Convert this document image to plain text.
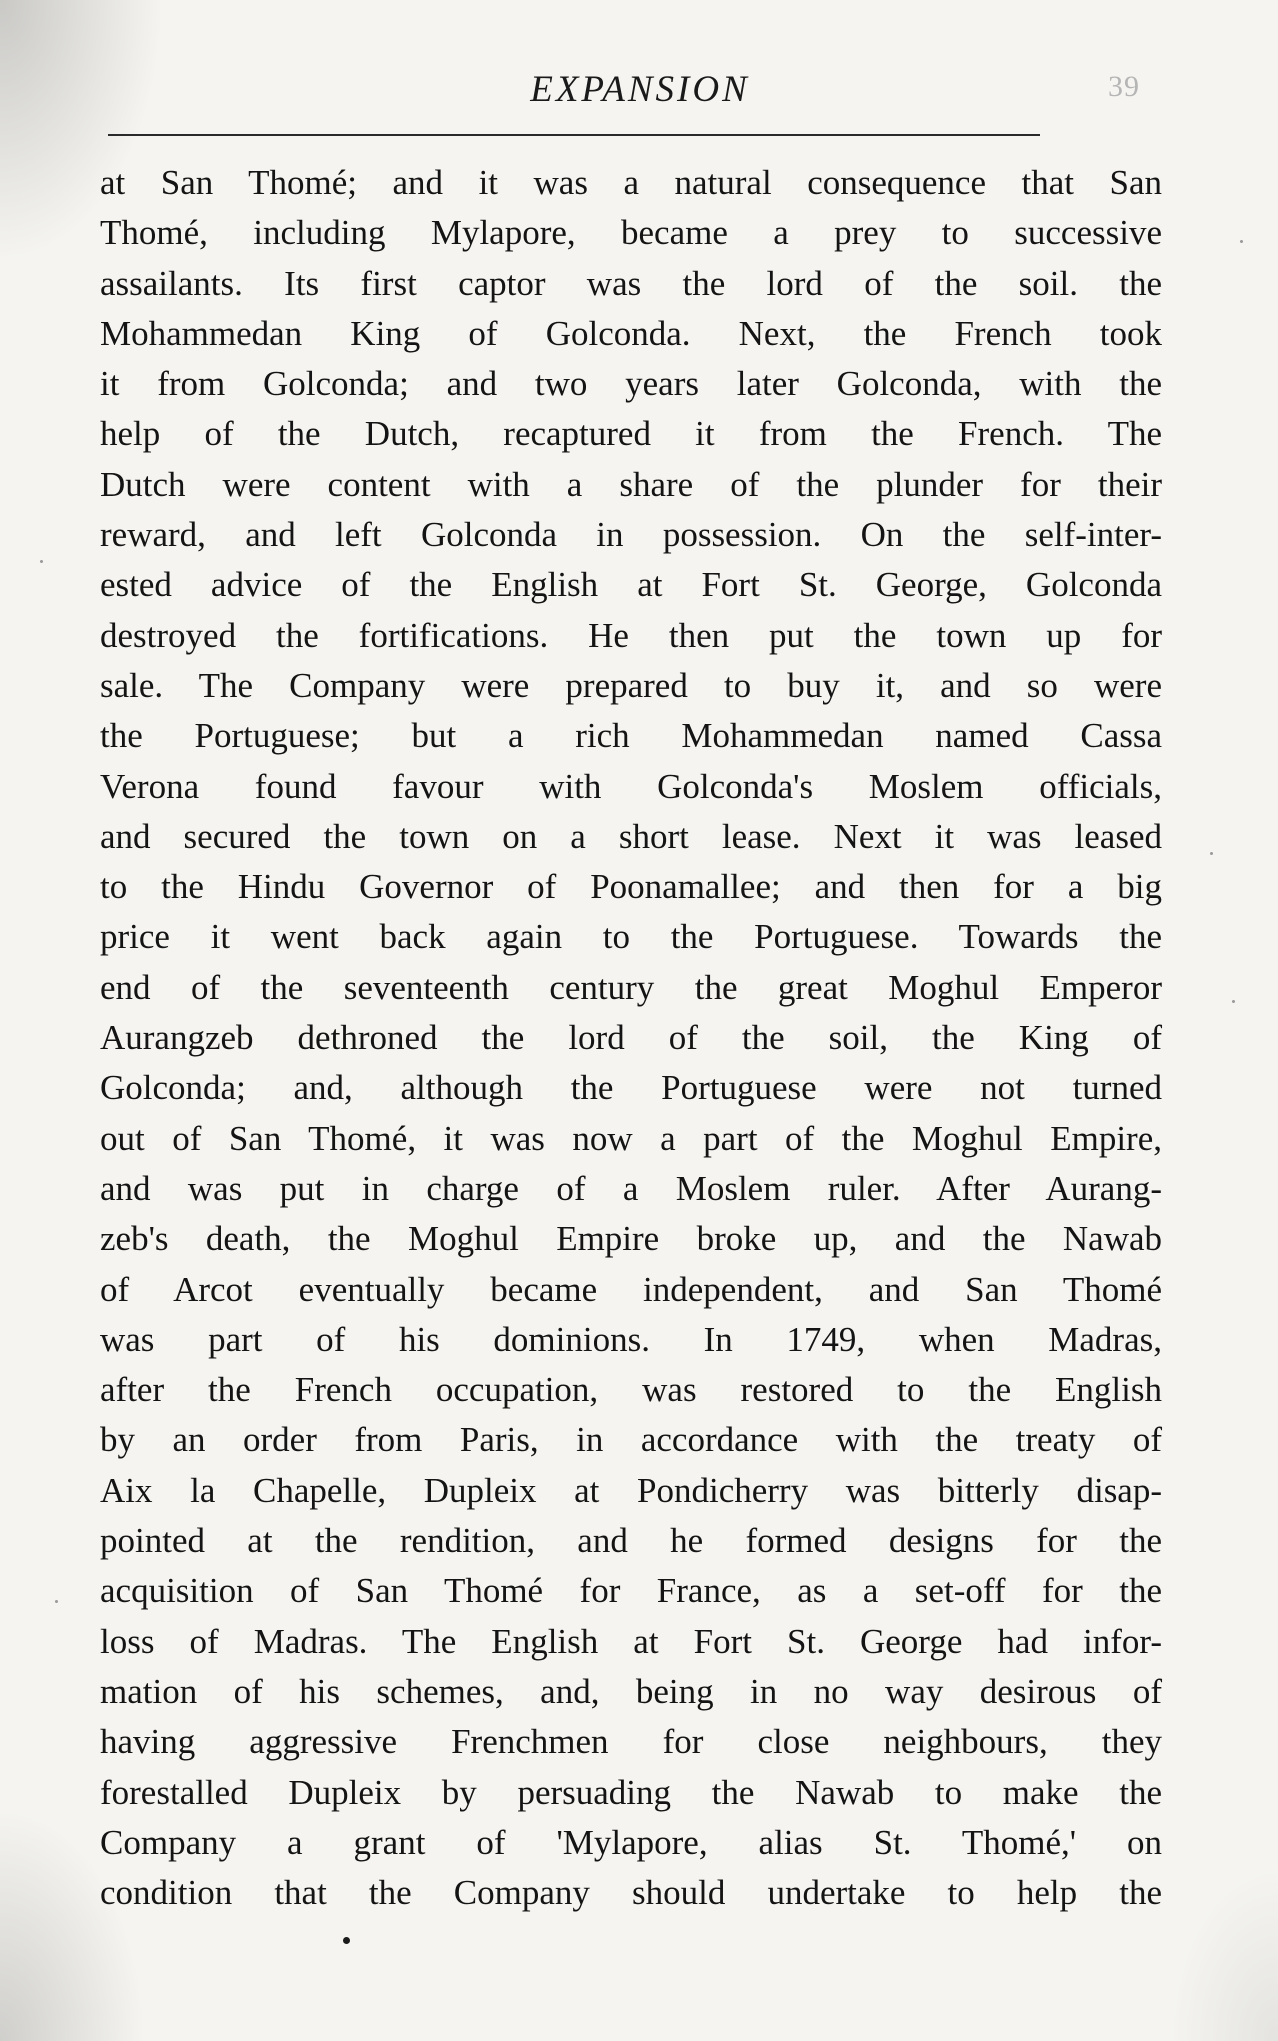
EXPANSION	39
at San Thomé; and it was a natural consequence that San
Thomé, including Mylapore, became a prey to successive
assailants. Its first captor was the lord of the soil. the
Mohammedan King of Golconda. Next, the French took
it from Golconda; and two years later Golconda, with the
help of the Dutch, recaptured it from the French. The
Dutch were content with a share of the plunder for their
reward, and left Golconda in possession. On the self-inter-
ested advice of the English at Fort St. George, Golconda
destroyed the fortifications. He then put the town up for
sale. The Company were prepared to buy it, and so were
the Portuguese; but a rich Mohammedan named Cassa
Verona found favour with Golconda's Moslem officials,
and secured the town on a short lease. Next it was leased
to the Hindu Governor of Poonamallee; and then for a big
price it went back again to the Portuguese. Towards the
end of the seventeenth century the great Moghul Emperor
Aurangzeb dethroned the lord of the soil, the King of
Golconda; and, although the Portuguese were not turned
out of San Thomé, it was now a part of the Moghul Empire,
and was put in charge of a Moslem ruler. After Aurang-
zeb's death, the Moghul Empire broke up, and the Nawab
of Arcot eventually became independent, and San Thomé
was part of his dominions. In 1749, when Madras,
after the French occupation, was restored to the English
by an order from Paris, in accordance with the treaty of
Aix la Chapelle, Dupleix at Pondicherry was bitterly disap-
pointed at the rendition, and he formed designs for the
acquisition of San Thomé for France, as a set-off for the
loss of Madras. The English at Fort St. George had infor-
mation of his schemes, and, being in no way desirous of
having aggressive Frenchmen for close neighbours, they
forestalled Dupleix by persuading the Nawab to make the
Company a grant of 'Mylapore, alias St. Thomé,' on
condition that the Company should undertake to help the
